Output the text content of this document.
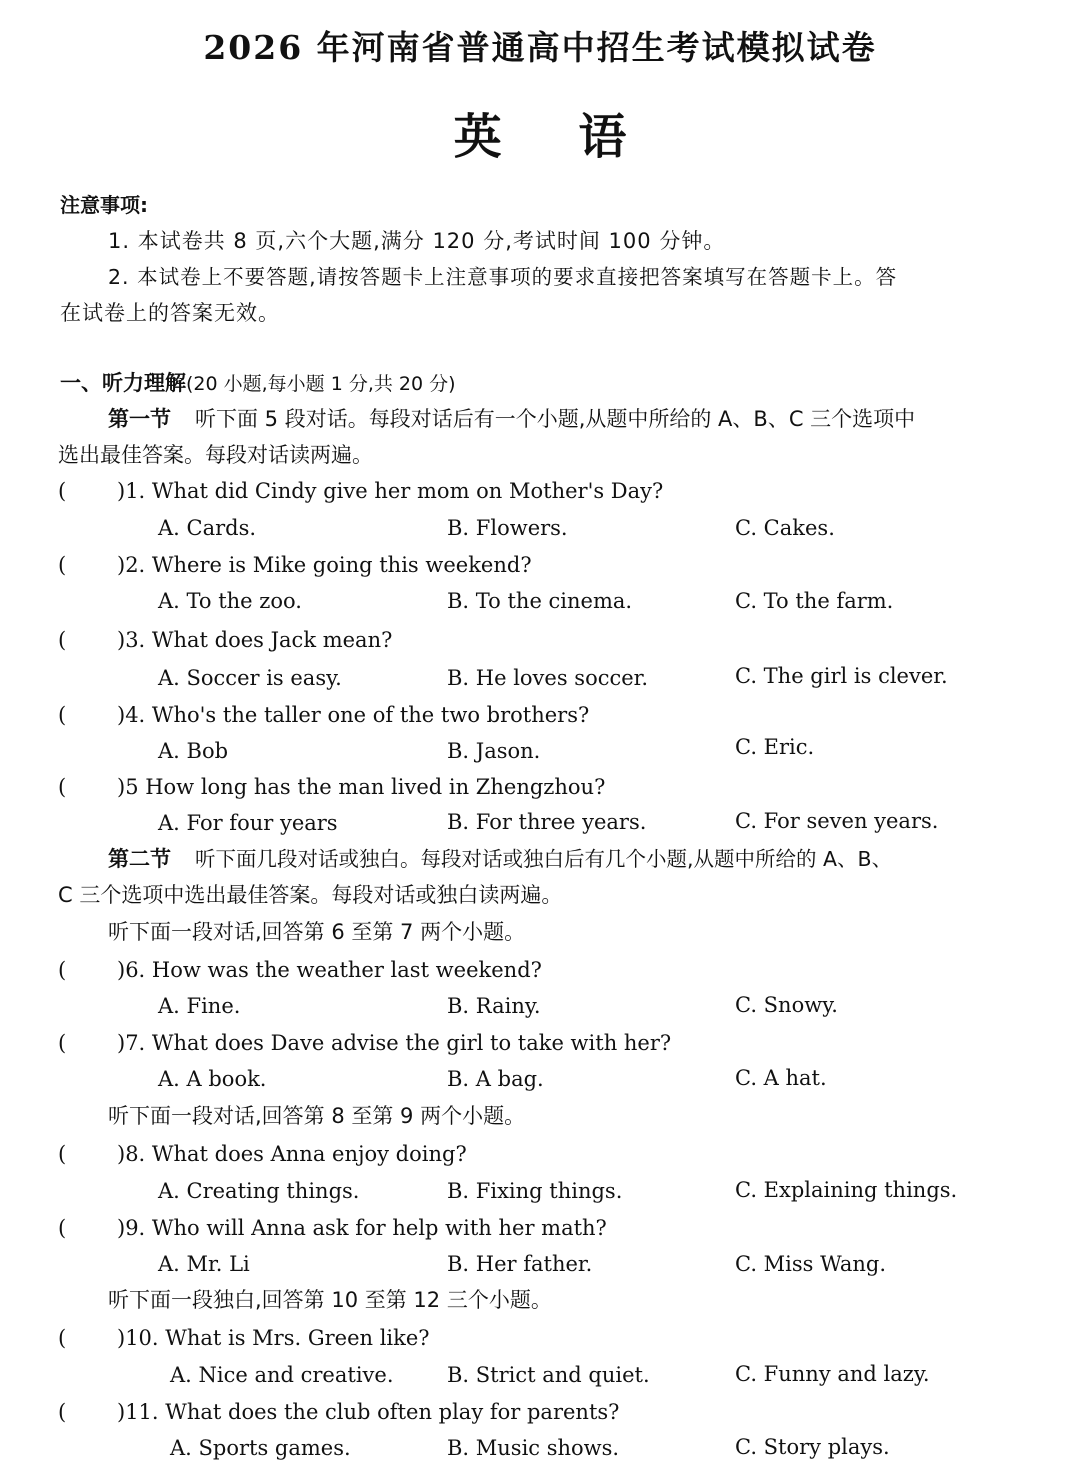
2026 年河南省普通高中招生考试模拟试卷
英 语
注意事项:
1. 本试卷共 8 页,六个大题,满分 120 分,考试时间 100 分钟。
2. 本试卷上不要答题,请按答题卡上注意事项的要求直接把答案填写在答题卡上。答
在试卷上的答案无效。
一、听力理解(20 小题,每小题 1 分,共 20 分)
第一节 听下面 5 段对话。每段对话后有一个小题,从题中所给的 A、B、C 三个选项中
选出最佳答案。每段对话读两遍。
( )1. What did Cindy give her mom on Mother's Day?
A. Cards.	B. Flowers.	C. Cakes.
( )2. Where is Mike going this weekend?
A. To the zoo.	B. To the cinema.	C. To the farm.
( )3. What does Jack mean?
A. Soccer is easy.	B. He loves soccer.	C. The girl is clever.
( )4. Who's the taller one of the two brothers?
A. Bob	B. Jason.	C. Eric.
( )5 How long has the man lived in Zhengzhou?
A. For four years	B. For three years.	C. For seven years.
第二节 听下面几段对话或独白。每段对话或独白后有几个小题,从题中所给的 A、B、
C 三个选项中选出最佳答案。每段对话或独白读两遍。
听下面一段对话,回答第 6 至第 7 两个小题。
( )6. How was the weather last weekend?
A. Fine.	B. Rainy.	C. Snowy.
( )7. What does Dave advise the girl to take with her?
A. A book.	B. A bag.	C. A hat.
听下面一段对话,回答第 8 至第 9 两个小题。
( )8. What does Anna enjoy doing?
A. Creating things.	B. Fixing things.	C. Explaining things.
( )9. Who will Anna ask for help with her math?
A. Mr. Li	B. Her father.	C. Miss Wang.
听下面一段独白,回答第 10 至第 12 三个小题。
( )10. What is Mrs. Green like?
A. Nice and creative.	B. Strict and quiet.	C. Funny and lazy.
( )11. What does the club often play for parents?
A. Sports games.	B. Music shows.	C. Story plays.
